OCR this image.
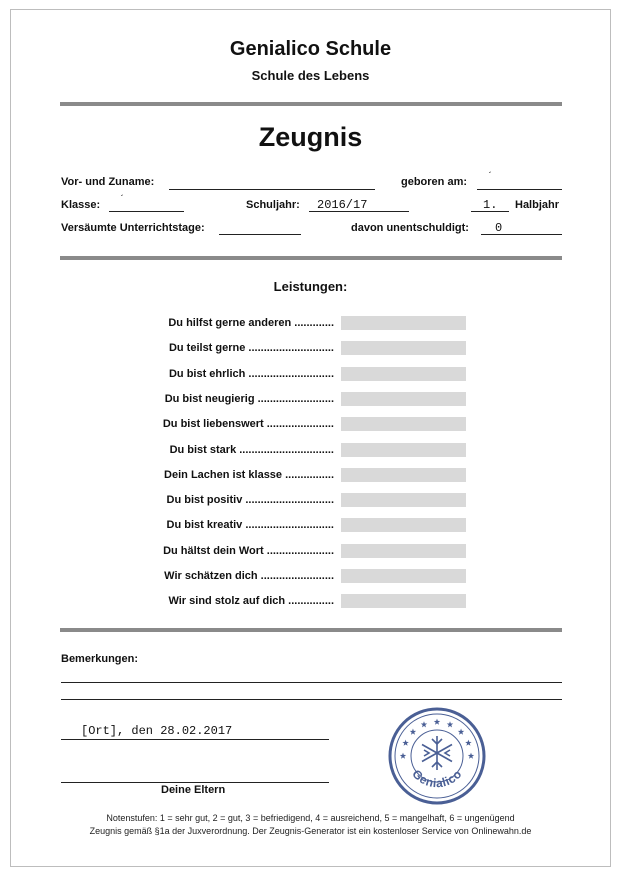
Genialico Schule
Schule des Lebens
Zeugnis
Vor- und Zuname:	geboren am: ´
Klasse: ´	Schuljahr: 2016/17	1. Halbjahr
Versäumte Unterrichtstage:	davon unentschuldigt: 0
Leistungen:
Du hilfst gerne anderen .............
Du teilst gerne ............................
Du bist ehrlich ............................
Du bist neugierig .........................
Du bist liebenswert ......................
Du bist stark ...............................
Dein Lachen ist klasse ................
Du bist positiv .............................
Du bist kreativ .............................
Du hältst dein Wort ......................
Wir schätzen dich ........................
Wir sind stolz auf dich ...............
Bemerkungen:
[Ort], den 28.02.2017
Deine Eltern
Genialico
Notenstufen: 1 = sehr gut, 2 = gut, 3 = befriedigend, 4 = ausreichend, 5 = mangelhaft, 6 = ungenügend
Zeugnis gemäß §1a der Juxverordnung. Der Zeugnis-Generator ist ein kostenloser Service von Onlinewahn.de
